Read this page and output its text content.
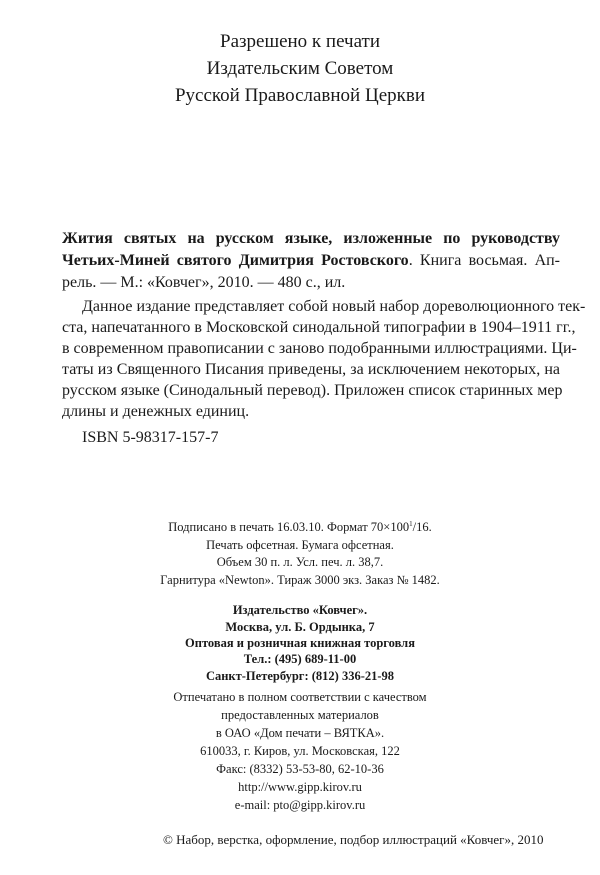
Разрешено к печати
Издательским Советом
Русской Православной Церкви
Жития святых на русском языке, изложенные по руководству
Четьих-Миней святого Димитрия Ростовского. Книга восьмая. Ап-
рель. — М.: «Ковчег», 2010. — 480 с., ил.
Данное издание представляет собой новый набор дореволюционного тек-
ста, напечатанного в Московской синодальной типографии в 1904–1911 гг.,
в современном правописании с заново подобранными иллюстрациями. Ци-
таты из Священного Писания приведены, за исключением некоторых, на
русском языке (Синодальный перевод). Приложен список старинных мер
длины и денежных единиц.
ISBN 5-98317-157-7
Подписано в печать 16.03.10. Формат $70\times 100^1/16$.
Печать офсетная. Бумага офсетная.
Объем 30 п. л. Усл. печ. л. 38,7.
Гарнитура «Newton». Тираж 3000 экз. Заказ № 1482.
Издательство «Ковчег».
Москва, ул. Б. Ордынка, 7
Оптовая и розничная книжная торговля
Тел.: (495) 689-11-00
Санкт-Петербург: (812) 336-21-98
Отпечатано в полном соответствии с качеством
предоставленных материалов
в ОАО «Дом печати – ВЯТКА».
610033, г. Киров, ул. Московская, 122
Факс: (8332) 53-53-80, 62-10-36
http://www.gipp.kirov.ru
e-mail: pto@gipp.kirov.ru
© Набор, верстка, оформление, подбор иллюстраций «Ковчег», 2010
